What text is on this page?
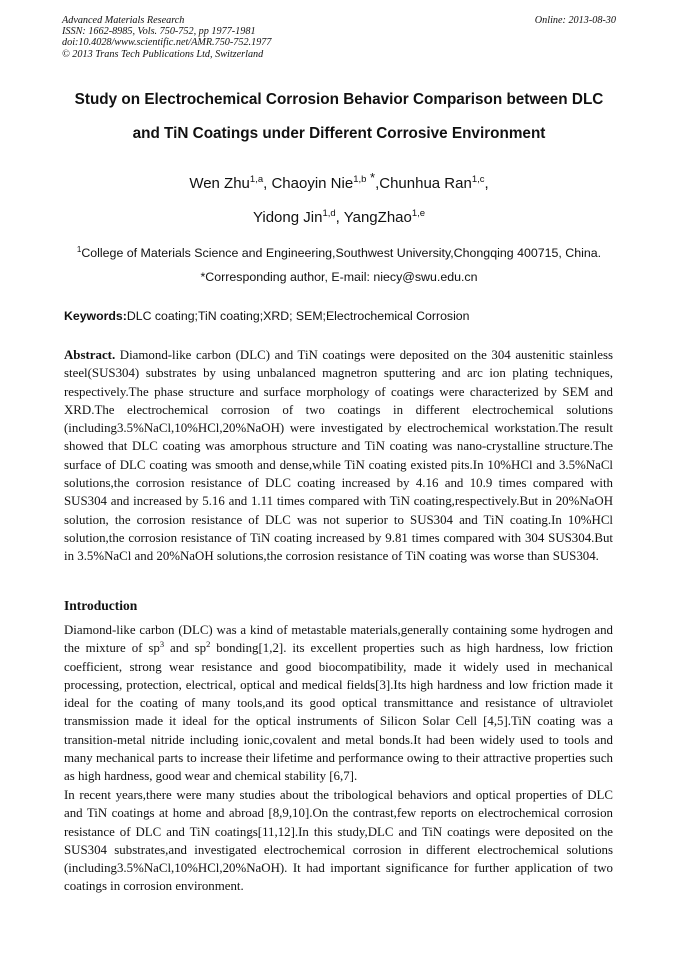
Advanced Materials Research
ISSN: 1662-8985, Vols. 750-752, pp 1977-1981
doi:10.4028/www.scientific.net/AMR.750-752.1977
© 2013 Trans Tech Publications Ltd, Switzerland
Online: 2013-08-30
Study on Electrochemical Corrosion Behavior Comparison between DLC
and TiN Coatings under Different Corrosive Environment
Wen Zhu$^{1,a}$, Chaoyin Nie$^{1,b *}$,Chunhua Ran$^{1,c}$,
Yidong Jin$^{1,d}$, YangZhao$^{1,e}$
$^1$College of Materials Science and Engineering,Southwest University,Chongqing 400715, China.
*Corresponding author, E-mail: niecy@swu.edu.cn
Keywords:DLC coating;TiN coating;XRD; SEM;Electrochemical Corrosion
Abstract. Diamond-like carbon (DLC) and TiN coatings were deposited on the 304 austenitic stainless steel(SUS304) substrates by using unbalanced magnetron sputtering and arc ion plating techniques, respectively.The phase structure and surface morphology of coatings were characterized by SEM and XRD.The electrochemical corrosion of two coatings in different electrochemical solutions (including3.5%NaCl,10%HCl,20%NaOH) were investigated by electrochemical workstation.The result showed that DLC coating was amorphous structure and TiN coating was nano-crystalline structure.The surface of DLC coating was smooth and dense,while TiN coating existed pits.In 10%HCl and 3.5%NaCl solutions,the corrosion resistance of DLC coating increased by 4.16 and 10.9 times compared with SUS304 and increased by 5.16 and 1.11 times compared with TiN coating,respectively.But in 20%NaOH solution, the corrosion resistance of DLC was not superior to SUS304 and TiN coating.In 10%HCl solution,the corrosion resistance of TiN coating increased by 9.81 times compared with 304 SUS304.But in 3.5%NaCl and 20%NaOH solutions,the corrosion resistance of TiN coating was worse than SUS304.
Introduction
Diamond-like carbon (DLC) was a kind of metastable materials,generally containing some hydrogen and the mixture of $sp^3$ and $sp^2$ bonding[1,2]. its excellent properties such as high hardness, low friction coefficient, strong wear resistance and good biocompatibility, made it widely used in mechanical processing, protection, electrical, optical and medical fields[3].Its high hardness and low friction made it ideal for the coating of many tools,and its good optical transmittance and resistance of ultraviolet transmission made it ideal for the optical instruments of Silicon Solar Cell [4,5].TiN coating was a transition-metal nitride including ionic,covalent and metal bonds.It had been widely used to tools and many mechanical parts to increase their lifetime and performance owing to their attractive properties such as high hardness, good wear and chemical stability [6,7].
In recent years,there were many studies about the tribological behaviors and optical properties of DLC and TiN coatings at home and abroad [8,9,10].On the contrast,few reports on electrochemical corrosion resistance of DLC and TiN coatings[11,12].In this study,DLC and TiN coatings were deposited on the SUS304 substrates,and investigated electrochemical corrosion in different electrochemical solutions (including3.5%NaCl,10%HCl,20%NaOH). It had important significance for further application of two coatings in corrosion environment.
